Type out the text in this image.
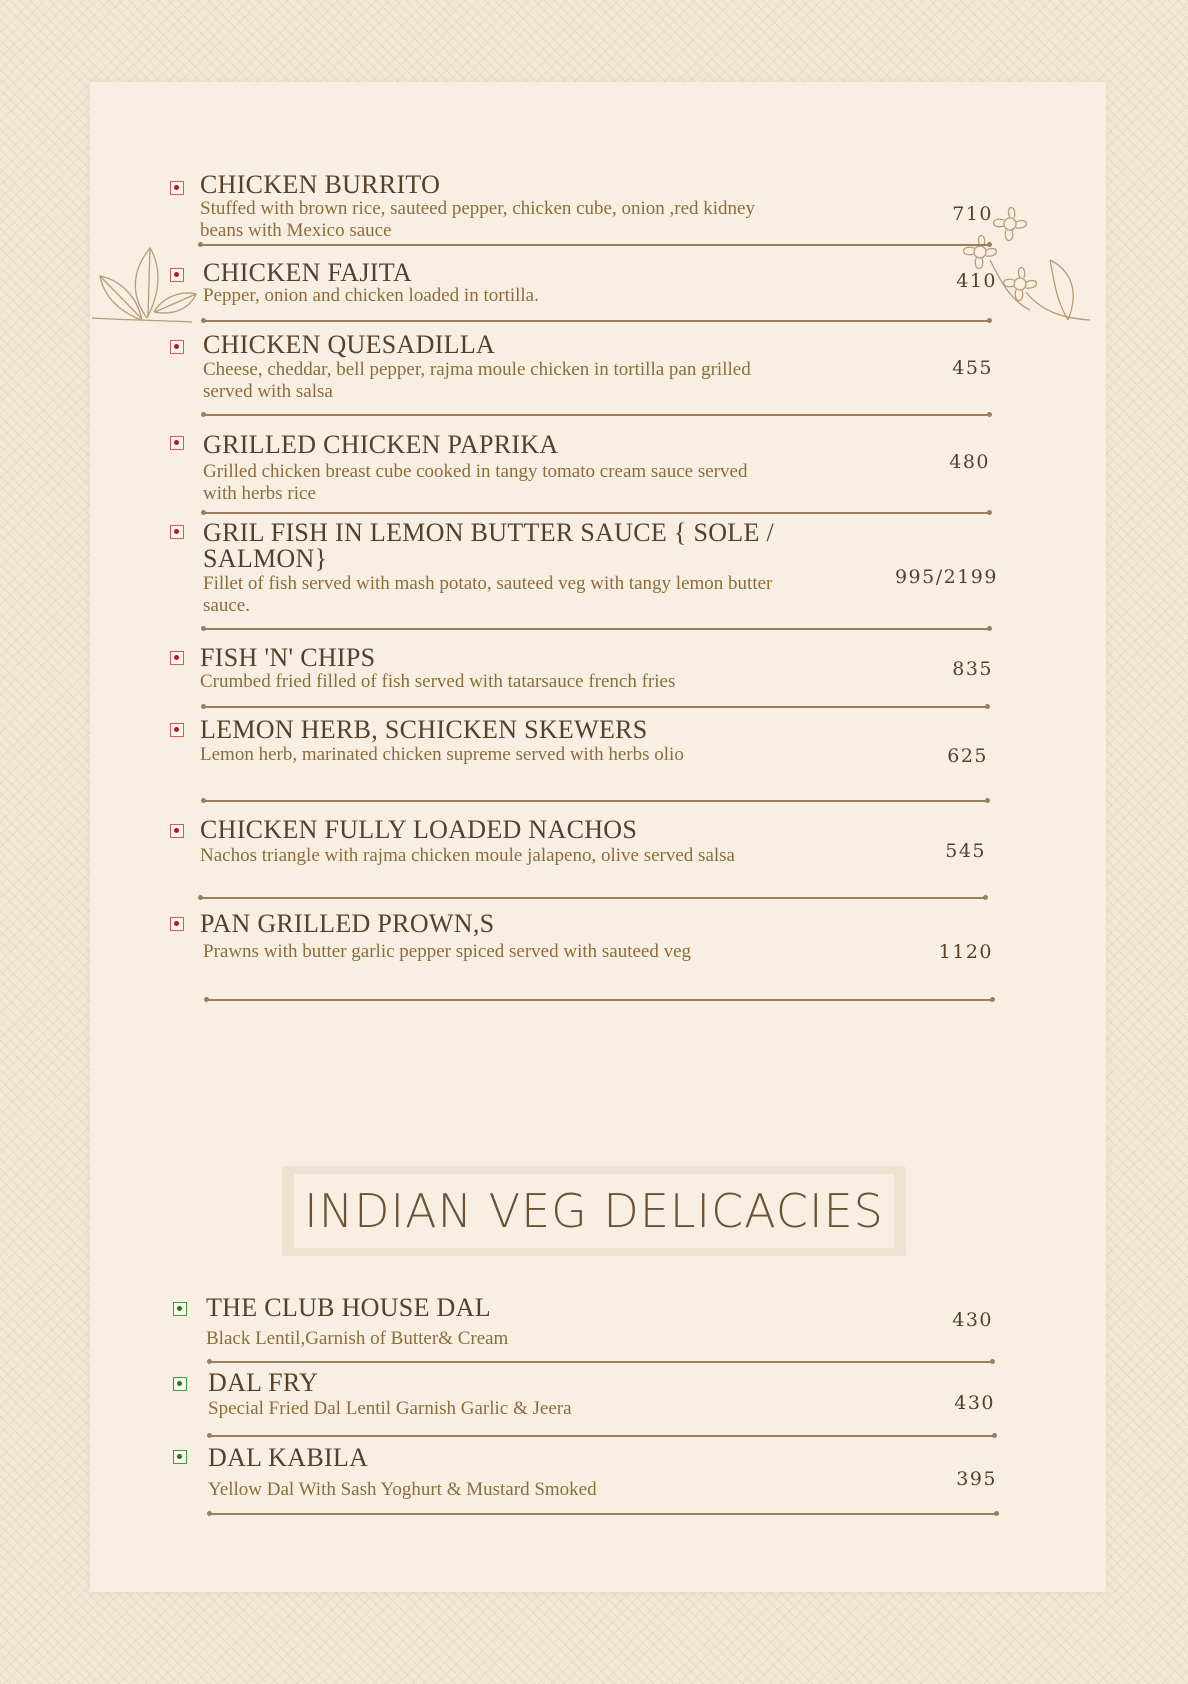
CHICKEN BURRITO
Stuffed with brown rice, sauteed pepper, chicken cube, onion ,red kidney beans with Mexico sauce
710
CHICKEN FAJITA
Pepper, onion and chicken loaded in tortilla.
410
CHICKEN QUESADILLA
Cheese, cheddar, bell pepper, rajma moule chicken in tortilla pan grilled served with salsa
455
GRILLED CHICKEN PAPRIKA
Grilled chicken breast cube cooked in tangy tomato cream sauce served with herbs rice
480
GRIL FISH IN LEMON BUTTER SAUCE { SOLE / SALMON}
Fillet of fish served with mash potato, sauteed veg with tangy lemon butter sauce.
995/2199
FISH 'N' CHIPS
Crumbed fried filled of fish served with tatarsauce french fries
835
LEMON HERB, SCHICKEN SKEWERS
Lemon herb, marinated chicken supreme served with herbs olio	625
CHICKEN FULLY LOADED NACHOS
Nachos triangle with rajma chicken moule jalapeno, olive served salsa	545
PAN GRILLED PROWN,S
Prawns with butter garlic pepper spiced served with sauteed veg	1120
INDIAN VEG DELICACIES
THE CLUB HOUSE DAL
Black Lentil,Garnish of Butter& Cream
430
DAL FRY
Special Fried Dal Lentil Garnish Garlic & Jeera	430
DAL KABILA
Yellow Dal With Sash Yoghurt & Mustard Smoked	395
